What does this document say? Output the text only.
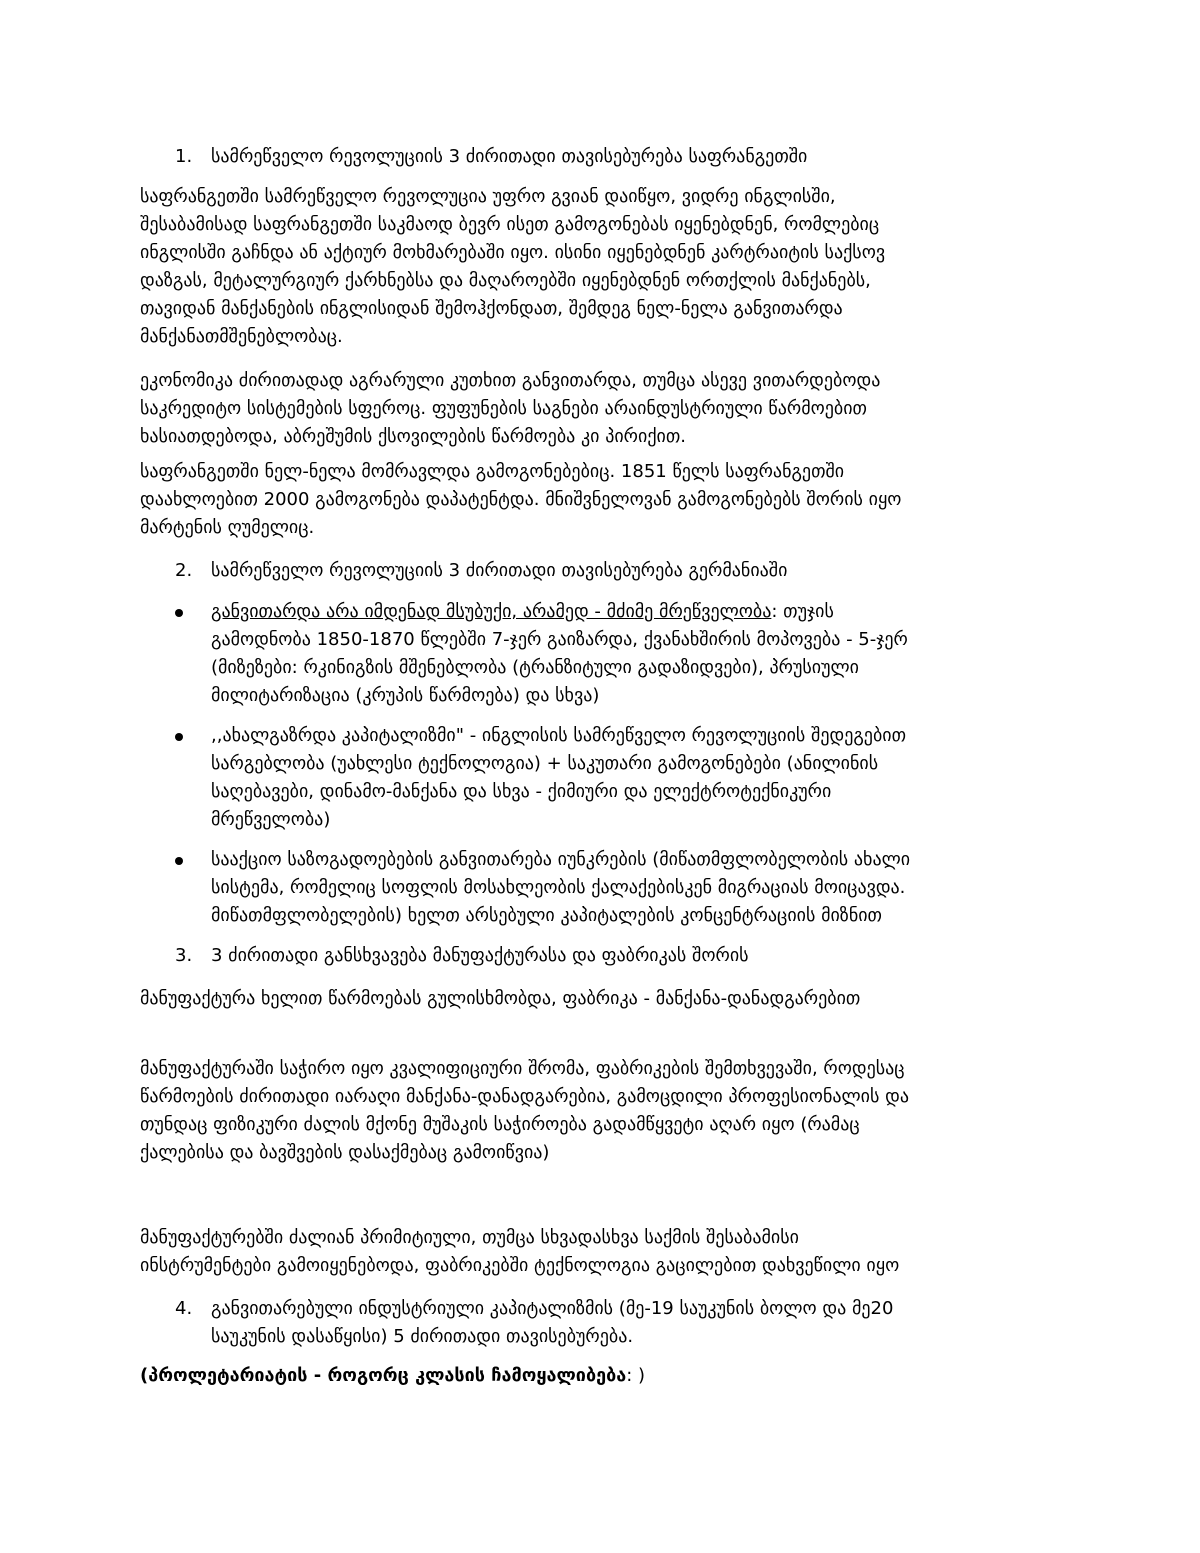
1.	სამრეწველო რევოლუციის 3 ძირითადი თავისებურება საფრანგეთში
საფრანგეთში სამრეწველო რევოლუცია უფრო გვიან დაიწყო, ვიდრე ინგლისში,
შესაბამისად საფრანგეთში საკმაოდ ბევრ ისეთ გამოგონებას იყენებდნენ, რომლებიც
ინგლისში გაჩნდა ან აქტიურ მოხმარებაში იყო. ისინი იყენებდნენ კარტრაიტის საქსოვ
დაზგას, მეტალურგიურ ქარხნებსა და მაღაროებში იყენებდნენ ორთქლის მანქანებს,
თავიდან მანქანების ინგლისიდან შემოჰქონდათ, შემდეგ ნელ-ნელა განვითარდა
მანქანათმშენებლობაც.
ეკონომიკა ძირითადად აგრარული კუთხით განვითარდა, თუმცა ასევე ვითარდებოდა
საკრედიტო სისტემების სფეროც. ფუფუნების საგნები არაინდუსტრიული წარმოებით
ხასიათდებოდა, აბრეშუმის ქსოვილების წარმოება კი პირიქით.
საფრანგეთში ნელ-ნელა მომრავლდა გამოგონებებიც. 1851 წელს საფრანგეთში
დაახლოებით 2000 გამოგონება დაპატენტდა. მნიშვნელოვან გამოგონებებს შორის იყო
მარტენის ღუმელიც.
2.	სამრეწველო რევოლუციის 3 ძირითადი თავისებურება გერმანიაში
განვითარდა არა იმდენად მსუბუქი, არამედ - მძიმე მრეწველობა: თუჯის
გამოდნობა 1850-1870 წლებში 7-ჯერ გაიზარდა, ქვანახშირის მოპოვება - 5-ჯერ
(მიზეზები: რკინიგზის მშენებლობა (ტრანზიტული გადაზიდვები), პრუსიული
მილიტარიზაცია (კრუპის წარმოება) და სხვა)
,,ახალგაზრდა კაპიტალიზმი" - ინგლისის სამრეწველო რევოლუციის შედეგებით
სარგებლობა (უახლესი ტექნოლოგია) + საკუთარი გამოგონებები (ანილინის
საღებავები, დინამო-მანქანა და სხვა - ქიმიური და ელექტროტექნიკური
მრეწველობა)
სააქციო საზოგადოებების განვითარება იუნკრების (მიწათმფლობელობის ახალი
სისტემა, რომელიც სოფლის მოსახლეობის ქალაქებისკენ მიგრაციას მოიცავდა.
მიწათმფლობელების) ხელთ არსებული კაპიტალების კონცენტრაციის მიზნით
3.	3 ძირითადი განსხვავება მანუფაქტურასა და ფაბრიკას შორის
მანუფაქტურა ხელით წარმოებას გულისხმობდა, ფაბრიკა - მანქანა-დანადგარებით
მანუფაქტურაში საჭირო იყო კვალიფიციური შრომა, ფაბრიკების შემთხვევაში, როდესაც
წარმოების ძირითადი იარაღი მანქანა-დანადგარებია, გამოცდილი პროფესიონალის და
თუნდაც ფიზიკური ძალის მქონე მუშაკის საჭიროება გადამწყვეტი აღარ იყო (რამაც
ქალებისა და ბავშვების დასაქმებაც გამოიწვია)
მანუფაქტურებში ძალიან პრიმიტიული, თუმცა სხვადასხვა საქმის შესაბამისი
ინსტრუმენტები გამოიყენებოდა, ფაბრიკებში ტექნოლოგია გაცილებით დახვეწილი იყო
4.	განვითარებული ინდუსტრიული კაპიტალიზმის (მე-19 საუკუნის ბოლო და მე20
საუკუნის დასაწყისი) 5 ძირითადი თავისებურება.
(პროლეტარიატის - როგორც კლასის ჩამოყალიბება: )
